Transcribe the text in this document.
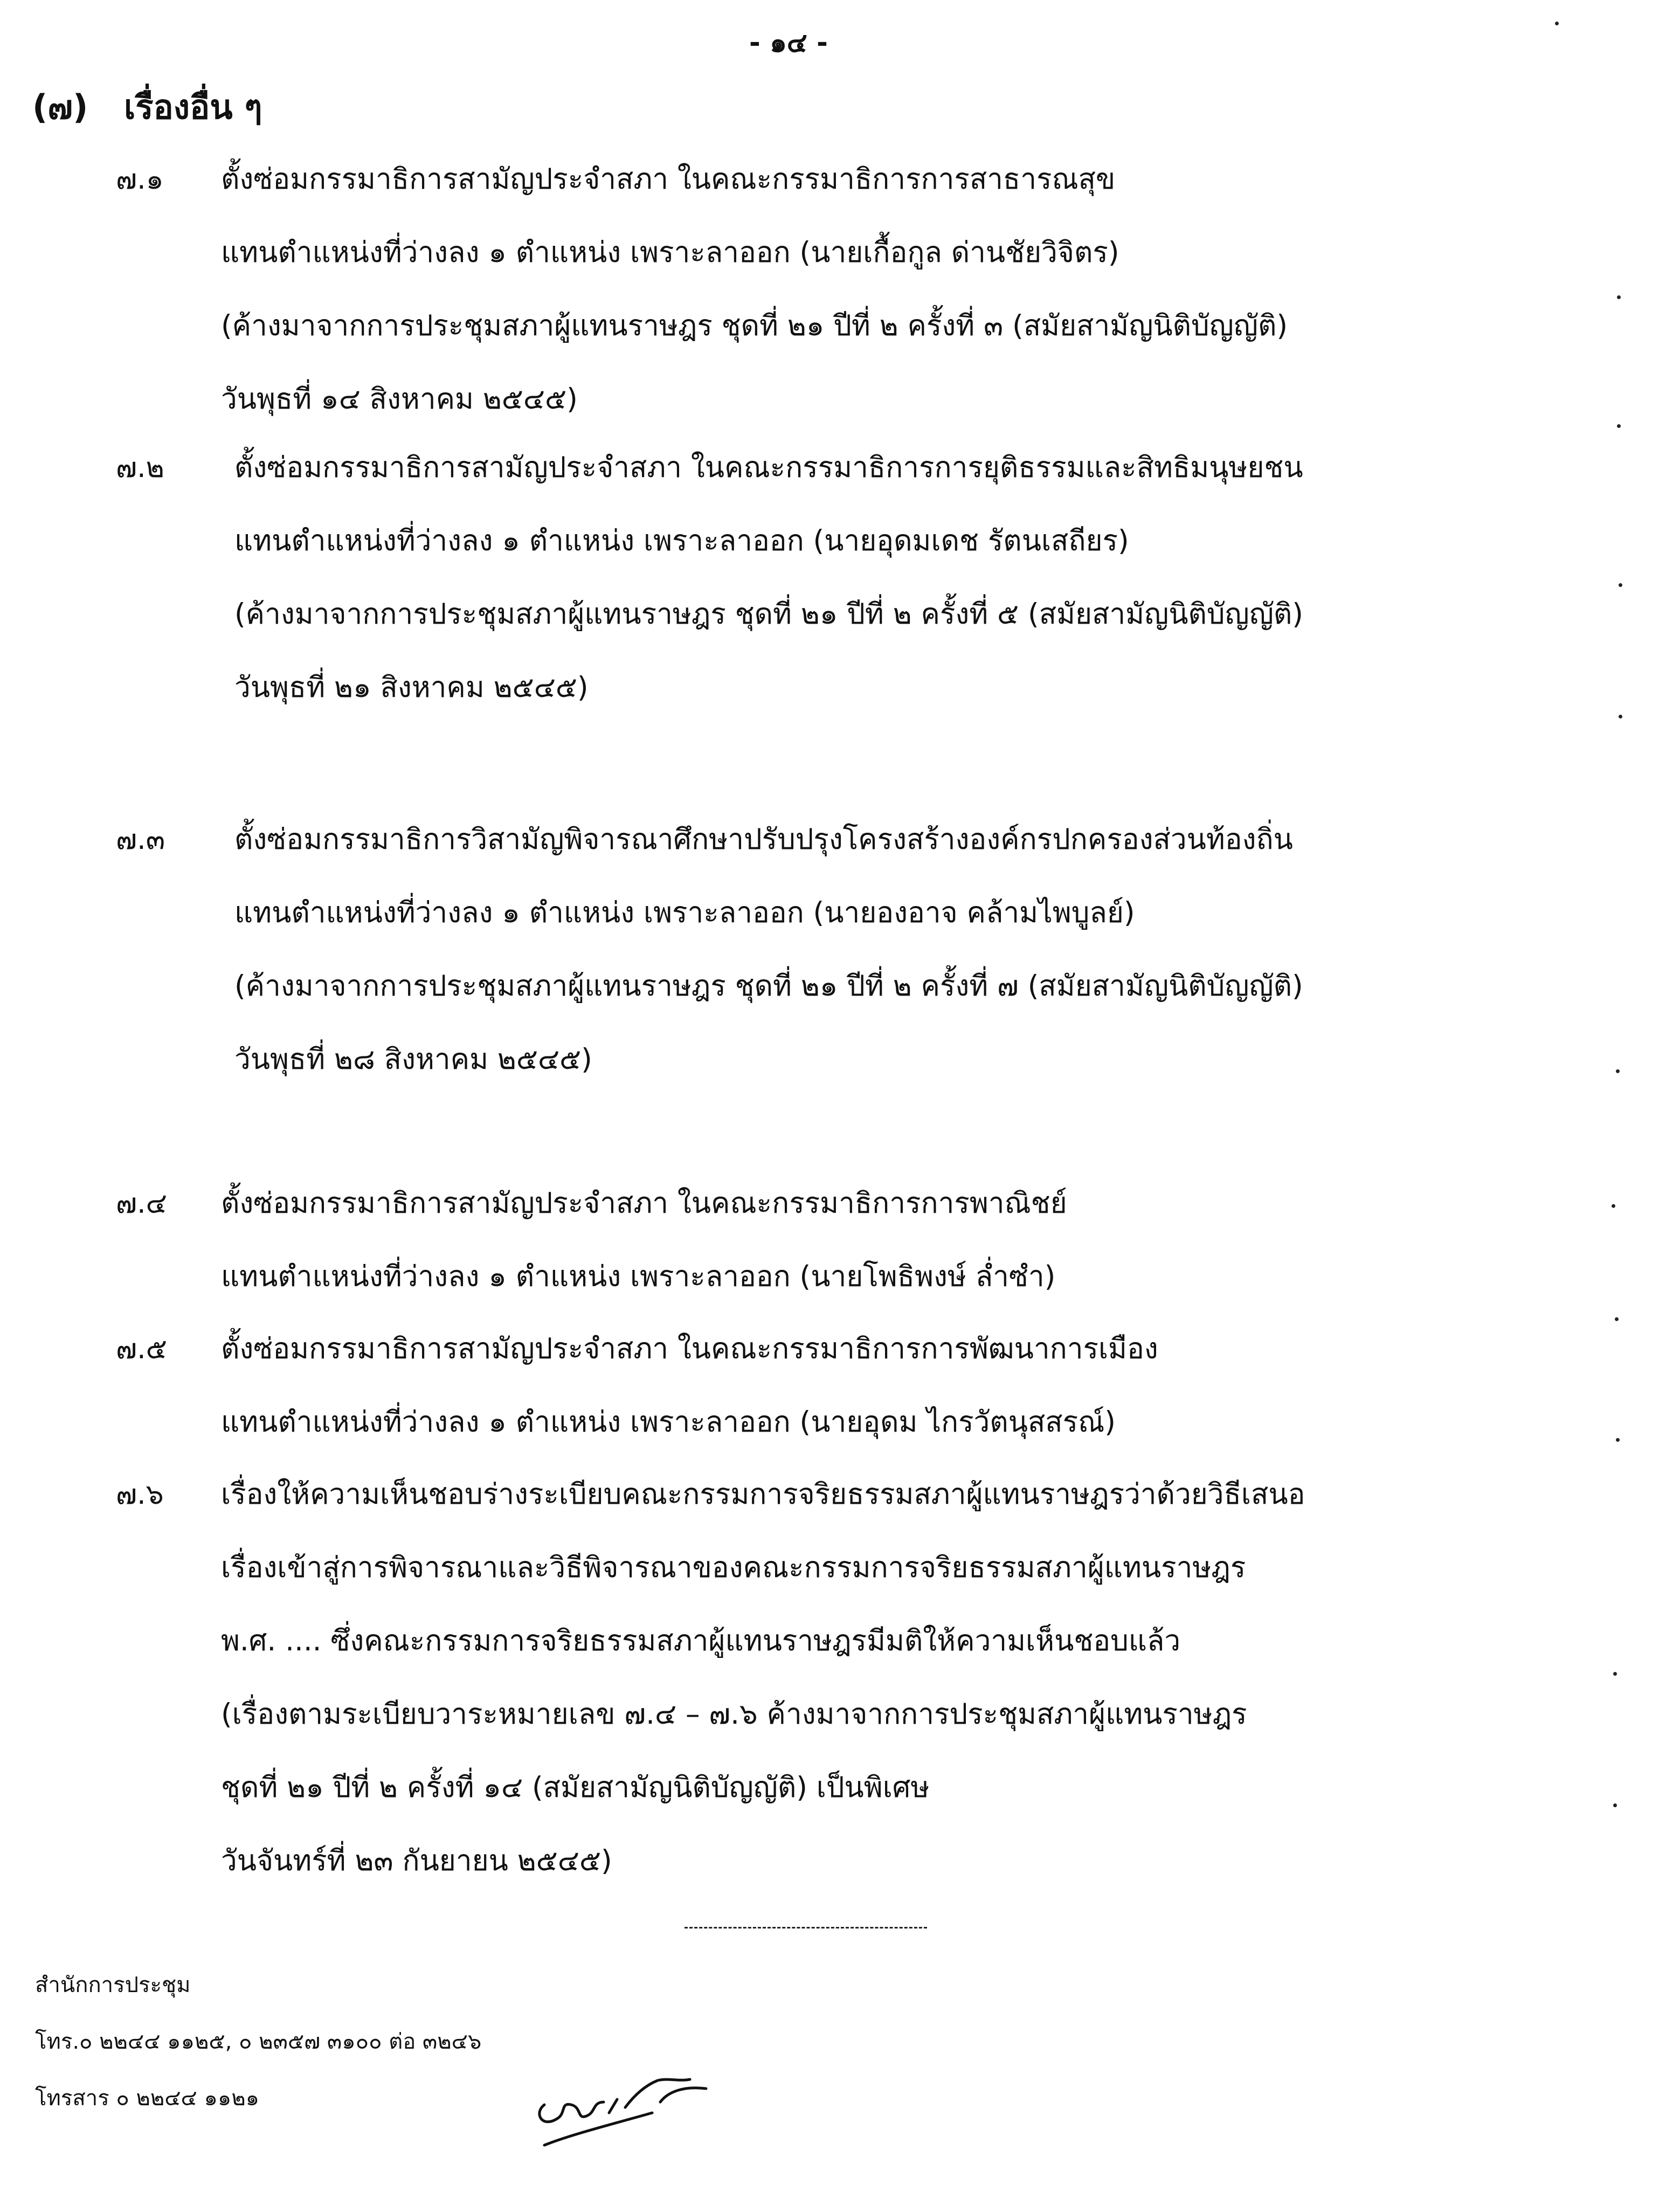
- ๑๔ -
(๗) เรื่องอื่น ๆ
๗.๑ ตั้งซ่อมกรรมาธิการสามัญประจำสภา ในคณะกรรมาธิการการสาธารณสุข
แทนตำแหน่งที่ว่างลง ๑ ตำแหน่ง เพราะลาออก (นายเกื้อกูล ด่านชัยวิจิตร)
(ค้างมาจากการประชุมสภาผู้แทนราษฎร ชุดที่ ๒๑ ปีที่ ๒ ครั้งที่ ๓ (สมัยสามัญนิติบัญญัติ)
วันพุธที่ ๑๔ สิงหาคม ๒๕๔๕)
๗.๒ ตั้งซ่อมกรรมาธิการสามัญประจำสภา ในคณะกรรมาธิการการยุติธรรมและสิทธิมนุษยชน
แทนตำแหน่งที่ว่างลง ๑ ตำแหน่ง เพราะลาออก (นายอุดมเดช รัตนเสถียร)
(ค้างมาจากการประชุมสภาผู้แทนราษฎร ชุดที่ ๒๑ ปีที่ ๒ ครั้งที่ ๕ (สมัยสามัญนิติบัญญัติ)
วันพุธที่ ๒๑ สิงหาคม ๒๕๔๕)
๗.๓ ตั้งซ่อมกรรมาธิการวิสามัญพิจารณาศึกษาปรับปรุงโครงสร้างองค์กรปกครองส่วนท้องถิ่น
แทนตำแหน่งที่ว่างลง ๑ ตำแหน่ง เพราะลาออก (นายองอาจ คล้ามไพบูลย์)
(ค้างมาจากการประชุมสภาผู้แทนราษฎร ชุดที่ ๒๑ ปีที่ ๒ ครั้งที่ ๗ (สมัยสามัญนิติบัญญัติ)
วันพุธที่ ๒๘ สิงหาคม ๒๕๔๕)
๗.๔ ตั้งซ่อมกรรมาธิการสามัญประจำสภา ในคณะกรรมาธิการการพาณิชย์
แทนตำแหน่งที่ว่างลง ๑ ตำแหน่ง เพราะลาออก (นายโพธิพงษ์ ล่ำซำ)
๗.๕ ตั้งซ่อมกรรมาธิการสามัญประจำสภา ในคณะกรรมาธิการการพัฒนาการเมือง
แทนตำแหน่งที่ว่างลง ๑ ตำแหน่ง เพราะลาออก (นายอุดม ไกรวัตนุสสรณ์)
๗.๖ เรื่องให้ความเห็นชอบร่างระเบียบคณะกรรมการจริยธรรมสภาผู้แทนราษฎรว่าด้วยวิธีเสนอ
เรื่องเข้าสู่การพิจารณาและวิธีพิจารณาของคณะกรรมการจริยธรรมสภาผู้แทนราษฎร
พ.ศ. .... ซึ่งคณะกรรมการจริยธรรมสภาผู้แทนราษฎรมีมติให้ความเห็นชอบแล้ว
(เรื่องตามระเบียบวาระหมายเลข ๗.๔ – ๗.๖ ค้างมาจากการประชุมสภาผู้แทนราษฎร
ชุดที่ ๒๑ ปีที่ ๒ ครั้งที่ ๑๔ (สมัยสามัญนิติบัญญัติ) เป็นพิเศษ
วันจันทร์ที่ ๒๓ กันยายน ๒๕๔๕)
สำนักการประชุม
โทร.๐ ๒๒๔๔ ๑๑๒๕, ๐ ๒๓๕๗ ๓๑๐๐ ต่อ ๓๒๔๖
โทรสาร ๐ ๒๒๔๔ ๑๑๒๑
